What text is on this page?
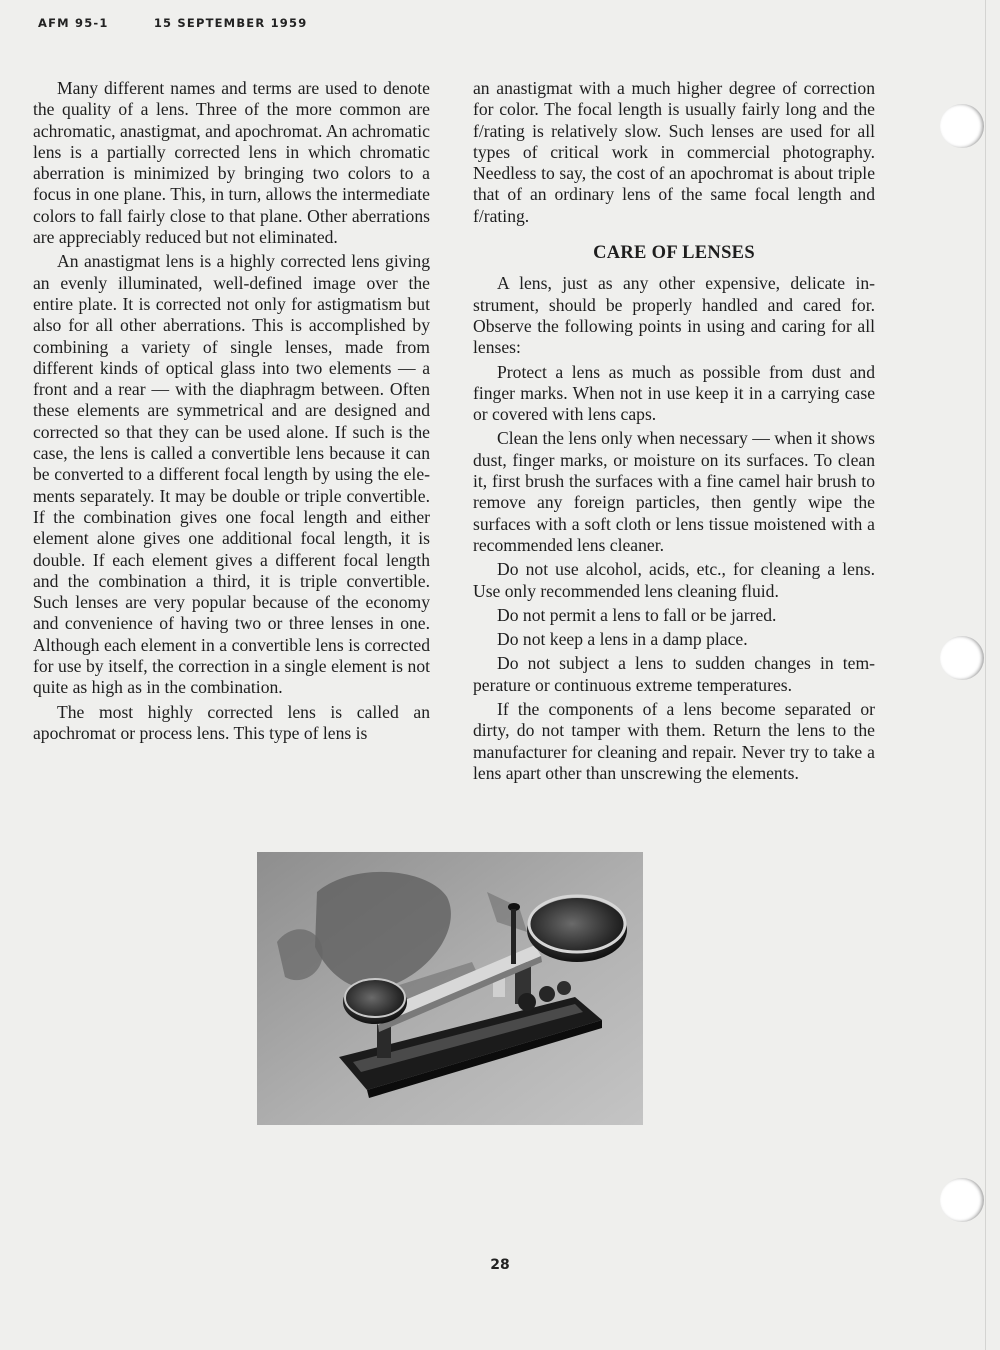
AFM 95-1	15 SEPTEMBER 1959

Many different names and terms are used to denote the quality of a lens. Three of the more common are achromatic, anastigmat, and apochromat. An achromatic lens is a partially corrected lens in which chromatic aberration is minimized by bringing two colors to a focus in one plane. This, in turn, allows the intermediate colors to fall fairly close to that plane. Other aberrations are appreciably reduced but not eliminated.

An anastigmat lens is a highly corrected lens giving an evenly illuminated, well-defined image over the entire plate. It is corrected not only for astigmatism but also for all other aberrations. This is accomplished by combining a variety of single lenses, made from different kinds of optical glass into two elements — a front and a rear — with the diaphragm between. Often these elements are symmetrical and are designed and corrected so that they can be used alone. If such is the case, the lens is called a convertible lens because it can be converted to a different focal length by using the elements separately. It may be double or triple convertible. If the combination gives one focal length and either element alone gives one additional focal length, it is double. If each element gives a different focal length and the combination a third, it is triple convertible. Such lenses are very popular because of the economy and convenience of having two or three lenses in one. Although each element in a convertible lens is corrected for use by itself, the correction in a single element is not quite as high as in the combination.

The most highly corrected lens is called an apochromat or process lens. This type of lens is

an anastigmat with a much higher degree of correction for color. The focal length is usually fairly long and the f/rating is relatively slow. Such lenses are used for all types of critical work in commercial photography. Needless to say, the cost of an apochromat is about triple that of an ordinary lens of the same focal length and f/rating.

CARE OF LENSES

A lens, just as any other expensive, delicate instrument, should be properly handled and cared for. Observe the following points in using and caring for all lenses:

Protect a lens as much as possible from dust and finger marks. When not in use keep it in a carrying case or covered with lens caps.

Clean the lens only when necessary — when it shows dust, finger marks, or moisture on its surfaces. To clean it, first brush the surfaces with a fine camel hair brush to remove any foreign particles, then gently wipe the surfaces with a soft cloth or lens tissue moistened with a recommended lens cleaner.

Do not use alcohol, acids, etc., for cleaning a lens. Use only recommended lens cleaning fluid.

Do not permit a lens to fall or be jarred.

Do not keep a lens in a damp place.

Do not subject a lens to sudden changes in temperature or continuous extreme temperatures.

If the components of a lens become separated or dirty, do not tamper with them. Return the lens to the manufacturer for cleaning and repair. Never try to take a lens apart other than unscrewing the elements.

28
